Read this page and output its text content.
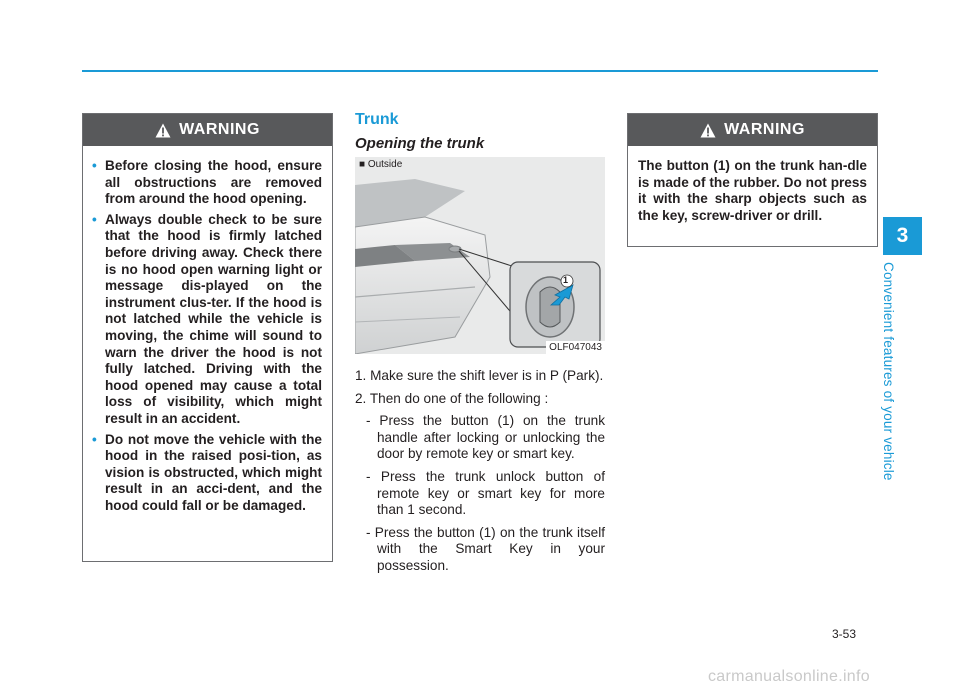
WARNING
• Before closing the hood, ensure all obstructions are removed from around the hood opening.
• Always double check to be sure that the hood is firmly latched before driving away. Check there is no hood open warning light or message dis-played on the instrument clus-ter. If the hood is not latched while the vehicle is moving, the chime will sound to warn the driver the hood is not fully latched. Driving with the hood opened may cause a total loss of visibility, which might result in an accident.
• Do not move the vehicle with the hood in the raised posi-tion, as vision is obstructed, which might result in an acci-dent, and the hood could fall or be damaged.
Trunk
Opening the trunk
■ Outside
1
OLF047043

1. Make sure the shift lever is in P (Park).

2. Then do one of the following :

- Press the button (1) on the trunk handle after locking or unlocking the door by remote key or smart key.

- Press the trunk unlock button of remote key or smart key for more than 1 second.

- Press the button (1) on the trunk itself with the Smart Key in your possession.

WARNING

The button (1) on the trunk han-dle is made of the rubber. Do not press it with the sharp objects such as the key, screw-driver or drill.

3
Convenient features of your vehicle
3-53
carmanualsonline.info
